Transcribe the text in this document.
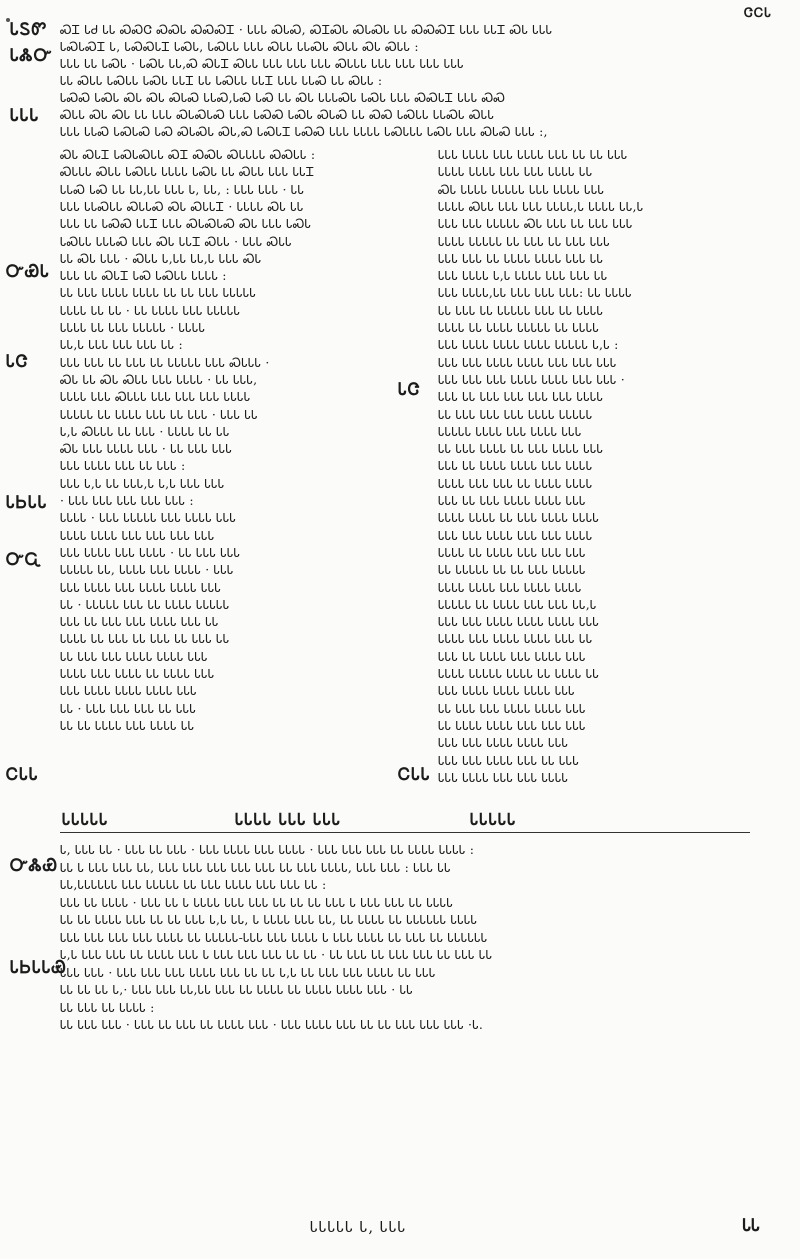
ᏣᏟᏓ
ᏓᏚᏛ
ᏓᏜᏅ
ᏓᏓᏓ
ᏍᏆ ᏓᏧ ᏓᏓ ᏍᏍᏣ ᏍᏍᏓ ᏍᏍᏍᏆ · ᏓᏓᏓ ᏍᏓᏍ, ᏍᏆᏍᏓ ᏍᏓᏍᏓ ᏓᏓ ᏍᏍᏍᏆ ᏓᏓᏓ ᏓᏓᏆ ᏍᏓ ᏓᏓᏓ
ᏓᏍᏓᏍᏆ Ꮣ, ᏓᏍᏍᏓᏆ ᏓᏍᏓ, ᏓᏍᏓᏓ ᏓᏓᏓ ᏍᏓᏓ ᏓᏓᏍᏓ ᏍᏓᏓ ᏍᏓ ᏍᏓᏓ :
ᏓᏓᏓ ᏓᏓ ᏓᏍᏓ · ᏓᏍᏓ ᏓᏓ,Ꮝ ᏍᏓᏆ ᏍᏓᏓ ᏓᏓᏓ ᏓᏓᏓ ᏓᏓᏓ ᏍᏓᏓᏓ ᏓᏓᏓ ᏓᏓᏓ ᏓᏓᏓ ᏓᏓᏓ
ᏓᏓ ᏍᏓᏓ ᏓᏍᏓᏓ ᏓᏍᏓ ᏓᏓᏆ ᏓᏓ ᏓᏍᏓᏓ ᏓᏓᏆ ᏓᏓᏓ ᏓᏓᏍ ᏓᏓ ᏍᏓᏓ :
ᏓᏍᏍ ᏓᏍᏓ ᏍᏓ ᏍᏓ ᏍᏓᏍ ᏓᏓᏍ,ᏓᏍ ᏓᏍ ᏓᏓ ᏍᏓ ᏓᏓᏓᏍᏓ ᏓᏍᏓ ᏓᏓᏓ ᏍᏍᏓᏆ ᏓᏓᏓ ᏍᏍ
ᏍᏓᏓ ᏍᏓ ᏍᏓ ᏓᏓ ᏓᏓᏓ ᏍᏓᏍᏓᏍ ᏓᏓᏓ ᏓᏍᏍ ᏓᏍᏓ ᏍᏓᏍ ᏓᏓ ᏍᏍ ᏓᏍᏓᏓ ᏓᏓᏍᏓ ᏍᏓᏓ
ᏓᏓᏓ ᏓᏓᏍ ᏓᏍᏓᏍ ᏓᏍ ᏍᏓᏍᏓ ᏍᏓ,Ꮝ ᏓᏍᏓᏆ ᏓᏍᏍ ᏓᏓᏓ ᏓᏓᏓᏓ ᏓᏍᏓᏓᏓ ᏓᏍᏓ ᏓᏓᏓ ᏍᏓᏍ ᏓᏓᏓ :,
ᏍᏓ ᏍᏓᏆ ᏓᏍᏓᏍᏓᏓ ᏍᏆ ᏍᏍᏓ ᏍᏓᏓᏓᏓ ᏍᏍᏓᏓ :
ᏍᏓᏓᏓ ᏍᏓᏓ ᏓᏍᏓᏓ ᏓᏓᏓᏓ ᏓᏍᏓ ᏓᏓ ᏍᏓᏓ ᏓᏓᏓ ᏓᏓᏆ
ᏓᏓᏍ ᏓᏍ ᏓᏓ ᏓᏓ,ᏓᏓ ᏓᏓᏓ Ꮣ, ᏓᏓ, : ᏓᏓᏓ ᏓᏓᏓ · ᏓᏓ
ᏓᏓᏓ ᏓᏓᏍᏓᏓ ᏍᏓᏓᏍ ᏍᏓ ᏍᏓᏓᏆ · ᏓᏓᏓᏓ ᏍᏓ ᏓᏓ
ᏓᏓᏓ ᏓᏓ ᏓᏍᏍ ᏓᏓᏆ ᏓᏓᏓ ᏍᏓᏍᏓᏍ ᏍᏓ ᏓᏓᏓ ᏓᏍᏓ
ᏓᏍᏓᏓ ᏓᏓᏓᏍ ᏓᏓᏓ ᏍᏓ ᏓᏓᏆ ᏍᏓᏓ · ᏓᏓᏓ ᏍᏓᏓ
ᏓᏓ ᏍᏓ ᏓᏓᏓ · ᏍᏓᏓ Ꮣ,ᏓᏓ ᏓᏓ,Ꮣ ᏓᏓᏓ ᏍᏓ
ᏓᏓᏓ ᏓᏓ ᏍᏓᏆ ᏓᏍ ᏓᏍᏓᏓ ᏓᏓᏓᏓ :
ᏓᏓ ᏓᏓᏓ ᏓᏓᏓᏓ ᏓᏓᏓᏓ ᏓᏓ ᏓᏓ ᏓᏓᏓ ᏓᏓᏓᏓᏓ
ᏓᏓᏓᏓ ᏓᏓ ᏓᏓ · ᏓᏓ ᏓᏓᏓᏓ ᏓᏓᏓ ᏓᏓᏓᏓᏓ
ᏓᏓᏓᏓ ᏓᏓ ᏓᏓᏓ ᏓᏓᏓᏓᏓ · ᏓᏓᏓᏓ
ᏓᏓ,Ꮣ ᏓᏓᏓ ᏓᏓᏓ ᏓᏓᏓ ᏓᏓ :
ᏓᏓᏓ ᏓᏓᏓ ᏓᏓ ᏓᏓᏓ ᏓᏓ ᏓᏓᏓᏓᏓ ᏓᏓᏓ ᏍᏓᏓᏓ ·
ᏍᏓ ᏓᏓ ᏍᏓ ᏍᏓᏓ ᏓᏓᏓ ᏓᏓᏓᏓ · ᏓᏓ ᏓᏓᏓ,
ᏓᏓᏓᏓ ᏓᏓᏓ ᏍᏓᏓᏓ ᏓᏓᏓ ᏓᏓᏓ ᏓᏓᏓ ᏓᏓᏓᏓ
ᏓᏓᏓᏓᏓ ᏓᏓ ᏓᏓᏓᏓ ᏓᏓᏓ ᏓᏓ ᏓᏓᏓ · ᏓᏓᏓ ᏓᏓ
Ꮣ,Ꮣ ᏍᏓᏓᏓ ᏓᏓ ᏓᏓᏓ · ᏓᏓᏓᏓ ᏓᏓ ᏓᏓ
ᏍᏓ ᏓᏓᏓ ᏓᏓᏓᏓ ᏓᏓᏓ · ᏓᏓ ᏓᏓᏓ ᏓᏓᏓ
ᏓᏓᏓ ᏓᏓᏓᏓ ᏓᏓᏓ ᏓᏓ ᏓᏓᏓ :
ᏓᏓᏓ Ꮣ,Ꮣ ᏓᏓ ᏓᏓᏓ,Ꮣ Ꮣ,Ꮣ ᏓᏓᏓ ᏓᏓᏓ
· ᏓᏓᏓ ᏓᏓᏓ ᏓᏓᏓ ᏓᏓᏓ ᏓᏓᏓ :
ᏓᏓᏓᏓ · ᏓᏓᏓ ᏓᏓᏓᏓᏓ ᏓᏓᏓ ᏓᏓᏓᏓ ᏓᏓᏓ
ᏓᏓᏓᏓ ᏓᏓᏓᏓ ᏓᏓᏓ ᏓᏓᏓ ᏓᏓᏓ ᏓᏓᏓ
ᏓᏓᏓ ᏓᏓᏓᏓ ᏓᏓᏓ ᏓᏓᏓᏓ · ᏓᏓ ᏓᏓᏓ ᏓᏓᏓ
ᏓᏓᏓᏓᏓ ᏓᏓ, ᏓᏓᏓᏓ ᏓᏓᏓ ᏓᏓᏓᏓ · ᏓᏓᏓ
ᏓᏓᏓ ᏓᏓᏓᏓ ᏓᏓᏓ ᏓᏓᏓᏓ ᏓᏓᏓᏓ ᏓᏓᏓ
ᏓᏓ · ᏓᏓᏓᏓᏓ ᏓᏓᏓ ᏓᏓ ᏓᏓᏓᏓ ᏓᏓᏓᏓᏓ
ᏓᏓᏓ ᏓᏓ ᏓᏓᏓ ᏓᏓᏓ ᏓᏓᏓᏓ ᏓᏓᏓ ᏓᏓ
ᏓᏓᏓᏓ ᏓᏓ ᏓᏓᏓ ᏓᏓ ᏓᏓᏓ ᏓᏓ ᏓᏓᏓ ᏓᏓ
ᏓᏓ ᏓᏓᏓ ᏓᏓᏓ ᏓᏓᏓᏓ ᏓᏓᏓᏓ ᏓᏓᏓ
ᏓᏓᏓᏓ ᏓᏓᏓ ᏓᏓᏓᏓ ᏓᏓ ᏓᏓᏓᏓ ᏓᏓᏓ
ᏓᏓᏓ ᏓᏓᏓᏓ ᏓᏓᏓᏓ ᏓᏓᏓᏓ ᏓᏓᏓ
ᏓᏓ · ᏓᏓᏓ ᏓᏓᏓ ᏓᏓᏓ ᏓᏓ ᏓᏓᏓ
ᏓᏓ ᏓᏓ ᏓᏓᏓᏓ ᏓᏓᏓ ᏓᏓᏓᏓ ᏓᏓ
ᏓᏓᏓ ᏓᏓᏓᏓ ᏓᏓᏓ ᏓᏓᏓᏓ ᏓᏓᏓ ᏓᏓ ᏓᏓ ᏓᏓᏓ
ᏓᏓᏓᏓ ᏓᏓᏓᏓ ᏓᏓᏓ ᏓᏓᏓ ᏓᏓᏓᏓ ᏓᏓ
ᏍᏓ ᏓᏓᏓᏓ ᏓᏓᏓᏓᏓ ᏓᏓᏓ ᏓᏓᏓᏓ ᏓᏓᏓ
ᏓᏓᏓᏓ ᏍᏓᏓ ᏓᏓᏓ ᏓᏓᏓ ᏓᏓᏓᏓ,Ꮣ ᏓᏓᏓᏓ ᏓᏓ,Ꮣ
ᏓᏓᏓ ᏓᏓᏓ ᏓᏓᏓᏓᏓ ᏍᏓ ᏓᏓᏓ ᏓᏓ ᏓᏓᏓ ᏓᏓᏓ
ᏓᏓᏓᏓ ᏓᏓᏓᏓᏓ ᏓᏓ ᏓᏓᏓ ᏓᏓ ᏓᏓᏓ ᏓᏓᏓ
ᏓᏓᏓ ᏓᏓᏓ ᏓᏓ ᏓᏓᏓᏓ ᏓᏓᏓᏓ ᏓᏓᏓ ᏓᏓ
ᏓᏓᏓ ᏓᏓᏓᏓ Ꮣ,Ꮣ ᏓᏓᏓᏓ ᏓᏓᏓ ᏓᏓᏓ ᏓᏓ
ᏓᏓᏓ ᏓᏓᏓᏓ,ᏓᏓ ᏓᏓᏓ ᏓᏓᏓ ᏓᏓᏓ: ᏓᏓ ᏓᏓᏓᏓ
ᏓᏓ ᏓᏓᏓ ᏓᏓ ᏓᏓᏓᏓᏓ ᏓᏓᏓ ᏓᏓ ᏓᏓᏓᏓ
ᏓᏓᏓᏓ ᏓᏓ ᏓᏓᏓᏓ ᏓᏓᏓᏓᏓ ᏓᏓ ᏓᏓᏓᏓ
ᏓᏓᏓ ᏓᏓᏓᏓ ᏓᏓᏓᏓ ᏓᏓᏓᏓ ᏓᏓᏓᏓᏓ Ꮣ,Ꮣ :
ᏓᏓᏓ ᏓᏓᏓ ᏓᏓᏓᏓ ᏓᏓᏓᏓ ᏓᏓᏓ ᏓᏓᏓ ᏓᏓᏓ
ᏓᏓᏓ ᏓᏓᏓ ᏓᏓᏓ ᏓᏓᏓᏓ ᏓᏓᏓᏓ ᏓᏓᏓ ᏓᏓᏓ ·
ᏓᏓᏓ ᏓᏓ ᏓᏓᏓ ᏓᏓᏓ ᏓᏓᏓ ᏓᏓᏓ ᏓᏓᏓᏓ
ᏓᏓ ᏓᏓᏓ ᏓᏓᏓ ᏓᏓᏓ ᏓᏓᏓᏓ ᏓᏓᏓᏓᏓ
ᏓᏓᏓᏓᏓ ᏓᏓᏓᏓ ᏓᏓᏓ ᏓᏓᏓᏓ ᏓᏓᏓ
ᏓᏓ ᏓᏓᏓ ᏓᏓᏓᏓ ᏓᏓ ᏓᏓᏓ ᏓᏓᏓᏓ ᏓᏓᏓ
ᏓᏓᏓ ᏓᏓ ᏓᏓᏓᏓ ᏓᏓᏓᏓ ᏓᏓᏓ ᏓᏓᏓᏓ
ᏓᏓᏓᏓ ᏓᏓᏓ ᏓᏓᏓ ᏓᏓ ᏓᏓᏓᏓ ᏓᏓᏓᏓ
ᏓᏓᏓ ᏓᏓ ᏓᏓᏓ ᏓᏓᏓᏓ ᏓᏓᏓᏓ ᏓᏓᏓ
ᏓᏓᏓᏓ ᏓᏓᏓᏓ ᏓᏓ ᏓᏓᏓ ᏓᏓᏓᏓ ᏓᏓᏓᏓ
ᏓᏓᏓ ᏓᏓᏓ ᏓᏓᏓᏓ ᏓᏓᏓ ᏓᏓᏓ ᏓᏓᏓᏓ
ᏓᏓᏓᏓ ᏓᏓ ᏓᏓᏓᏓ ᏓᏓᏓ ᏓᏓᏓ ᏓᏓᏓ
ᏓᏓ ᏓᏓᏓᏓᏓ ᏓᏓ ᏓᏓ ᏓᏓᏓ ᏓᏓᏓᏓᏓ
ᏓᏓᏓᏓ ᏓᏓᏓᏓ ᏓᏓᏓ ᏓᏓᏓᏓ ᏓᏓᏓᏓ
ᏓᏓᏓᏓᏓ ᏓᏓ ᏓᏓᏓᏓ ᏓᏓᏓ ᏓᏓᏓ ᏓᏓ,Ꮣ
ᏓᏓᏓ ᏓᏓᏓ ᏓᏓᏓᏓ ᏓᏓᏓᏓ ᏓᏓᏓᏓ ᏓᏓᏓ
ᏓᏓᏓᏓ ᏓᏓᏓ ᏓᏓᏓᏓ ᏓᏓᏓᏓ ᏓᏓᏓ ᏓᏓ
ᏓᏓᏓ ᏓᏓ ᏓᏓᏓᏓ ᏓᏓᏓ ᏓᏓᏓᏓ ᏓᏓᏓ
ᏓᏓᏓᏓ ᏓᏓᏓᏓᏓ ᏓᏓᏓᏓ ᏓᏓ ᏓᏓᏓᏓ ᏓᏓ
ᏓᏓᏓ ᏓᏓᏓᏓ ᏓᏓᏓᏓ ᏓᏓᏓᏓ ᏓᏓᏓ
ᏓᏓ ᏓᏓᏓ ᏓᏓᏓ ᏓᏓᏓᏓ ᏓᏓᏓᏓ ᏓᏓᏓ
ᏓᏓ ᏓᏓᏓᏓ ᏓᏓᏓᏓ ᏓᏓᏓ ᏓᏓᏓ ᏓᏓᏓ
ᏓᏓᏓ ᏓᏓᏓ ᏓᏓᏓᏓ ᏓᏓᏓᏓ ᏓᏓᏓ
ᏓᏓᏓ ᏓᏓᏓ ᏓᏓᏓᏓ ᏓᏓᏓ ᏓᏓ ᏓᏓᏓ
ᏓᏓᏓ ᏓᏓᏓᏓ ᏓᏓᏓ ᏓᏓᏓ ᏓᏓᏓᏓ
ᏅᏯᏓ
ᏓᏣ
ᏓᏏᏓᏓ
ᏅᏩ
ᏟᏓᏓ
ᏓᏣ
ᏟᏓᏓ
ᏓᏓᏓᏓᏓ	ᏓᏓᏓᏓ ᏓᏓᏓ ᏓᏓᏓ	ᏓᏓᏓᏓᏓ
ᏅᏜᏯ
ᏓᏏᏓᏓᏯ
Ꮣ, ᏓᏓᏓ ᏓᏓ · ᏓᏓᏓ ᏓᏓ ᏓᏓᏓ · ᏓᏓᏓ ᏓᏓᏓᏓ ᏓᏓᏓ ᏓᏓᏓᏓ · ᏓᏓᏓ ᏓᏓᏓ ᏓᏓᏓ ᏓᏓ ᏓᏓᏓᏓ ᏓᏓᏓᏓ :
ᏓᏓ Ꮣ ᏓᏓᏓ ᏓᏓᏓ ᏓᏓ, ᏓᏓᏓ ᏓᏓᏓ ᏓᏓᏓ ᏓᏓᏓ ᏓᏓᏓ ᏓᏓ ᏓᏓᏓ ᏓᏓᏓᏓ, ᏓᏓᏓ ᏓᏓᏓ : ᏓᏓᏓ ᏓᏓ
ᏓᏓ,ᏓᏓᏓᏓᏓᏓ ᏓᏓᏓ ᏓᏓᏓᏓᏓ ᏓᏓ ᏓᏓᏓ ᏓᏓᏓᏓ ᏓᏓᏓ ᏓᏓᏓ ᏓᏓ :
ᏓᏓᏓ ᏓᏓ ᏓᏓᏓᏓ · ᏓᏓᏓ ᏓᏓ Ꮣ ᏓᏓᏓᏓ ᏓᏓᏓ ᏓᏓᏓ ᏓᏓ ᏓᏓ ᏓᏓ ᏓᏓᏓ Ꮣ ᏓᏓᏓ ᏓᏓᏓ ᏓᏓ ᏓᏓᏓᏓ
ᏓᏓ ᏓᏓ ᏓᏓᏓᏓ ᏓᏓᏓ ᏓᏓ ᏓᏓ ᏓᏓᏓ Ꮣ,Ꮣ ᏓᏓ, Ꮣ ᏓᏓᏓᏓ ᏓᏓᏓ ᏓᏓ, ᏓᏓ ᏓᏓᏓᏓ ᏓᏓ ᏓᏓᏓᏓᏓᏓ ᏓᏓᏓᏓ
ᏓᏓᏓ ᏓᏓᏓ ᏓᏓᏓ ᏓᏓᏓ ᏓᏓᏓᏓ ᏓᏓ ᏓᏓᏓᏓᏓ-ᏓᏓᏓ ᏓᏓᏓ ᏓᏓᏓᏓ Ꮣ ᏓᏓᏓ ᏓᏓᏓᏓ ᏓᏓ ᏓᏓᏓ ᏓᏓ ᏓᏓᏓᏓᏓᏓ
Ꮣ,Ꮣ ᏓᏓᏓ ᏓᏓᏓ ᏓᏓ ᏓᏓᏓᏓ ᏓᏓᏓ Ꮣ ᏓᏓᏓ ᏓᏓᏓ ᏓᏓᏓ ᏓᏓ ᏓᏓ · ᏓᏓ ᏓᏓᏓ ᏓᏓ ᏓᏓᏓ ᏓᏓᏓ ᏓᏓ ᏓᏓᏓ ᏓᏓ
ᏓᏓᏓ ᏓᏓᏓ · ᏓᏓᏓ ᏓᏓᏓ ᏓᏓᏓ ᏓᏓᏓᏓ ᏓᏓᏓ ᏓᏓ ᏓᏓ Ꮣ,Ꮣ ᏓᏓ ᏓᏓᏓ ᏓᏓᏓ ᏓᏓᏓᏓ ᏓᏓ ᏓᏓᏓ
ᏓᏓ ᏓᏓ ᏓᏓ Ꮣ,· ᏓᏓᏓ ᏓᏓᏓ ᏓᏓ,ᏓᏓ ᏓᏓᏓ ᏓᏓ ᏓᏓᏓᏓ ᏓᏓ ᏓᏓᏓᏓ ᏓᏓᏓᏓ ᏓᏓᏓ · ᏓᏓ
ᏓᏓ ᏓᏓᏓ ᏓᏓ ᏓᏓᏓᏓ :
ᏓᏓ ᏓᏓᏓ ᏓᏓᏓ · ᏓᏓᏓ ᏓᏓ ᏓᏓᏓ ᏓᏓ ᏓᏓᏓᏓ ᏓᏓᏓ · ᏓᏓᏓ ᏓᏓᏓᏓ ᏓᏓᏓ ᏓᏓ ᏓᏓ ᏓᏓᏓ ᏓᏓᏓ ᏓᏓᏓ ·Ꮣ.
ᏓᏓᏓᏓᏓ Ꮣ, ᏓᏓᏓ	ᏓᏓ
